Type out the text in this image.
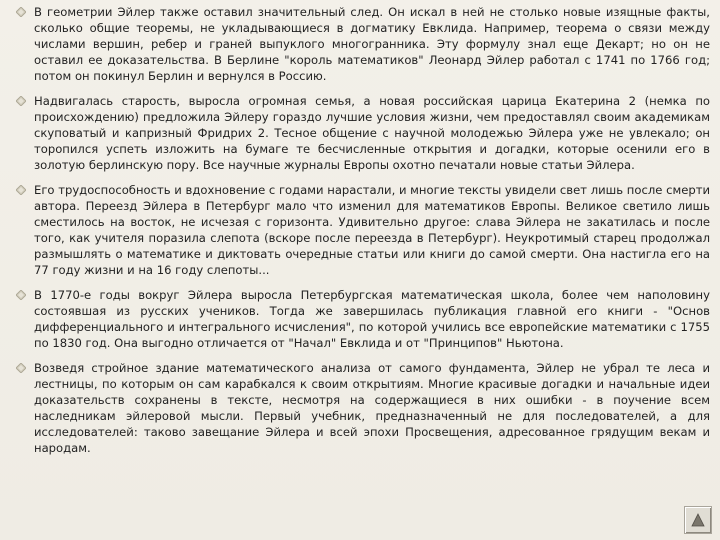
В геометрии Эйлер также оставил значительный след. Он искал в ней не столько новые изящные факты, сколько общие теоремы, не укладывающиеся в догматику Евклида. Например, теорема о связи между числами вершин, ребер и граней выпуклого многогранника. Эту формулу знал еще Декарт; но он не оставил ее доказательства. В Берлине "король математиков" Леонард Эйлер работал с 1741 по 1766 год; потом он покинул Берлин и вернулся в Россию.
Надвигалась старость, выросла огромная семья, а новая российская царица Екатерина 2 (немка по происхождению) предложила Эйлеру гораздо лучшие условия жизни, чем предоставлял своим академикам скуповатый и капризный Фридрих 2. Тесное общение с научной молодежью Эйлера уже не увлекало; он торопился успеть изложить на бумаге те бесчисленные открытия и догадки, которые осенили его в золотую берлинскую пору. Все научные журналы Европы охотно печатали новые статьи Эйлера.
Его трудоспособность и вдохновение с годами нарастали, и многие тексты увидели свет лишь после смерти автора. Переезд Эйлера в Петербург мало что изменил для математиков Европы. Великое светило лишь сместилось на восток, не исчезая с горизонта. Удивительно другое: слава Эйлера не закатилась и после того, как учителя поразила слепота (вскоре после переезда в Петербург). Неукротимый старец продолжал размышлять о математике и диктовать очередные статьи или книги до самой смерти. Она настигла его на 77 году жизни и на 16 году слепоты...
В 1770-е годы вокруг Эйлера выросла Петербургская математическая школа, более чем наполовину состоявшая из русских учеников. Тогда же завершилась публикация главной его книги - "Основ дифференциального и интегрального исчисления", по которой учились все европейские математики с 1755 по 1830 год. Она выгодно отличается от "Начал" Евклида и от "Принципов" Ньютона.
Возведя стройное здание математического анализа от самого фундамента, Эйлер не убрал те леса и лестницы, по которым он сам карабкался к своим открытиям. Многие красивые догадки и начальные идеи доказательств сохранены в тексте, несмотря на содержащиеся в них ошибки - в поучение всем наследникам эйлеровой мысли. Первый учебник, предназначенный не для последователей, а для исследователей: таково завещание Эйлера и всей эпохи Просвещения, адресованное грядущим векам и народам.
